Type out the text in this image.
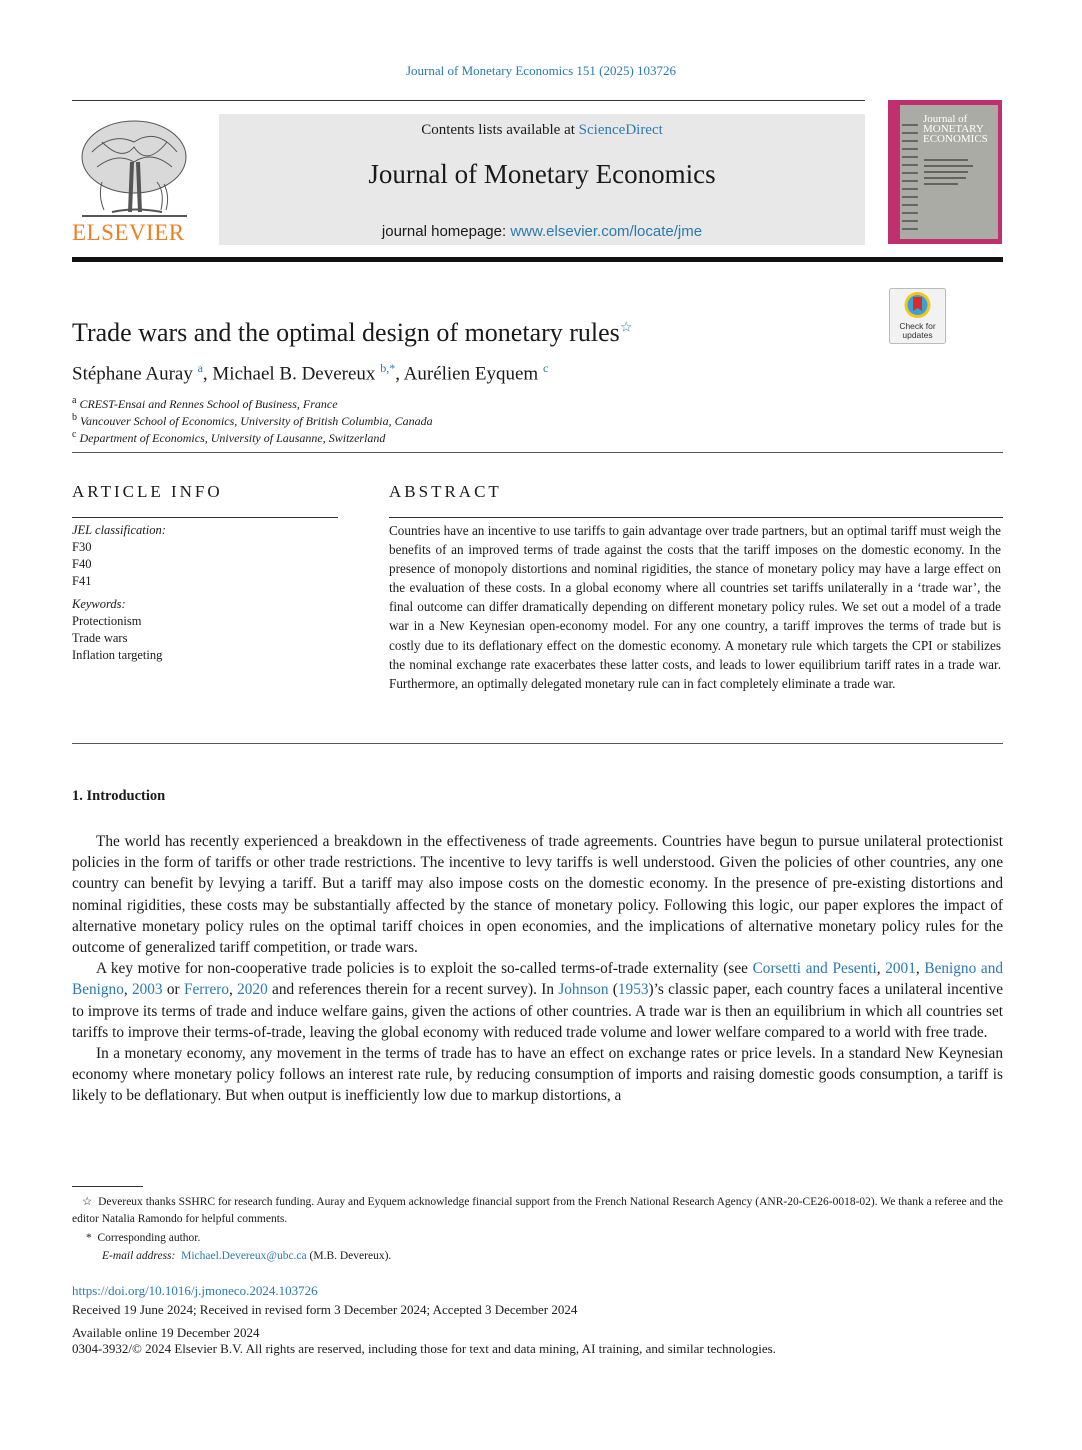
Journal of Monetary Economics 151 (2025) 103726
ELSEVIER
Contents lists available at ScienceDirect
Journal of Monetary Economics
journal homepage: www.elsevier.com/locate/jme
Journal of MONETARY ECONOMICS
Check for updates
Trade wars and the optimal design of monetary rules☆
Stéphane Auray $^a$, Michael B. Devereux $^{b,*}$, Aurélien Eyquem $^c$
$^a$ CREST-Ensai and Rennes School of Business, France
$^b$ Vancouver School of Economics, University of British Columbia, Canada
$^c$ Department of Economics, University of Lausanne, Switzerland
ARTICLE INFO	ABSTRACT
JEL classification:
F30
F40
F41
Keywords:
Protectionism
Trade wars
Inflation targeting
Countries have an incentive to use tariffs to gain advantage over trade partners, but an optimal tariff must weigh the benefits of an improved terms of trade against the costs that the tariff imposes on the domestic economy. In the presence of monopoly distortions and nominal rigidities, the stance of monetary policy may have a large effect on the evaluation of these costs. In a global economy where all countries set tariffs unilaterally in a ‘trade war’, the final outcome can differ dramatically depending on different monetary policy rules. We set out a model of a trade war in a New Keynesian open-economy model. For any one country, a tariff improves the terms of trade but is costly due to its deflationary effect on the domestic economy. A monetary rule which targets the CPI or stabilizes the nominal exchange rate exacerbates these latter costs, and leads to lower equilibrium tariff rates in a trade war. Furthermore, an optimally delegated monetary rule can in fact completely eliminate a trade war.
1. Introduction

The world has recently experienced a breakdown in the effectiveness of trade agreements. Countries have begun to pursue unilateral protectionist policies in the form of tariffs or other trade restrictions. The incentive to levy tariffs is well understood. Given the policies of other countries, any one country can benefit by levying a tariff. But a tariff may also impose costs on the domestic economy. In the presence of pre-existing distortions and nominal rigidities, these costs may be substantially affected by the stance of monetary policy. Following this logic, our paper explores the impact of alternative monetary policy rules on the optimal tariff choices in open economies, and the implications of alternative monetary policy rules for the outcome of generalized tariff competition, or trade wars.

A key motive for non-cooperative trade policies is to exploit the so-called terms-of-trade externality (see Corsetti and Pesenti, 2001, Benigno and Benigno, 2003 or Ferrero, 2020 and references therein for a recent survey). In Johnson (1953)’s classic paper, each country faces a unilateral incentive to improve its terms of trade and induce welfare gains, given the actions of other countries. A trade war is then an equilibrium in which all countries set tariffs to improve their terms-of-trade, leaving the global economy with reduced trade volume and lower welfare compared to a world with free trade.

In a monetary economy, any movement in the terms of trade has to have an effect on exchange rates or price levels. In a standard New Keynesian economy where monetary policy follows an interest rate rule, by reducing consumption of imports and raising domestic goods consumption, a tariff is likely to be deflationary. But when output is inefficiently low due to markup distortions, a

☆ Devereux thanks SSHRC for research funding. Auray and Eyquem acknowledge financial support from the French National Research Agency (ANR-20-CE26-0018-02). We thank a referee and the editor Natalia Ramondo for helpful comments.
* Corresponding author.
E-mail address: Michael.Devereux@ubc.ca (M.B. Devereux).
https://doi.org/10.1016/j.jmoneco.2024.103726
Received 19 June 2024; Received in revised form 3 December 2024; Accepted 3 December 2024
Available online 19 December 2024
0304-3932/© 2024 Elsevier B.V. All rights are reserved, including those for text and data mining, AI training, and similar technologies.
